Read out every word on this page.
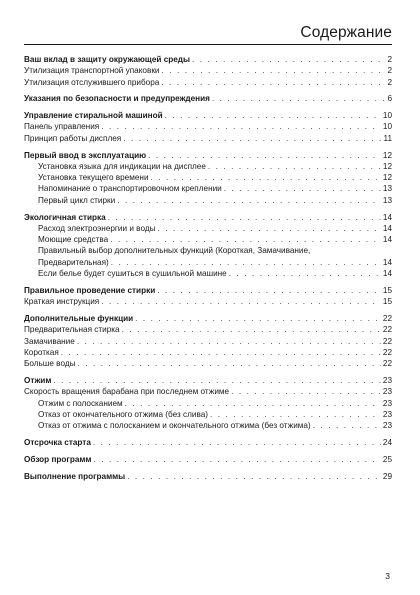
Содержание
Ваш вклад в защиту окружающей среды . . .	2
Утилизация транспортной упаковки . . .	2
Утилизация отслужившего прибора . . .	2
Указания по безопасности и предупреждения . . .	6
Управление стиральной машиной . . .	10
Панель управления . . .	10
Принцип работы дисплея . . .	11
Первый ввод в эксплуатацию . . .	12
Установка языка для индикации на дисплее . . .	12
Установка текущего времени . . .	12
Напоминание о транспортировочном креплении . . .	13
Первый цикл стирки . . .	13
Экологичная стирка . . .	14
Расход электроэнергии и воды . . .	14
Моющие средства . . .	14
Правильный выбор дополнительных функций (Короткая, Замачивание,
Предварительная) . . .	14
Если белье будет сушиться в сушильной машине . . .	14
Правильное проведение стирки . . .	15
Краткая инструкция . . .	15
Дополнительные функции . . .	22
Предварительная стирка . . .	22
Замачивание . . .	22
Короткая . . .	22
Больше воды . . .	22
Отжим . . .	23
Скорость вращения барабана при последнем отжиме . . .	23
Отжим с полосканием . . .	23
Отказ от окончательного отжима (без слива) . . .	23
Отказ от отжима с полосканием и окончательного отжима (без отжима) . . .	23
Отсрочка старта . . .	24
Обзор программ . . .	25
Выполнение программы . . .	29
3
